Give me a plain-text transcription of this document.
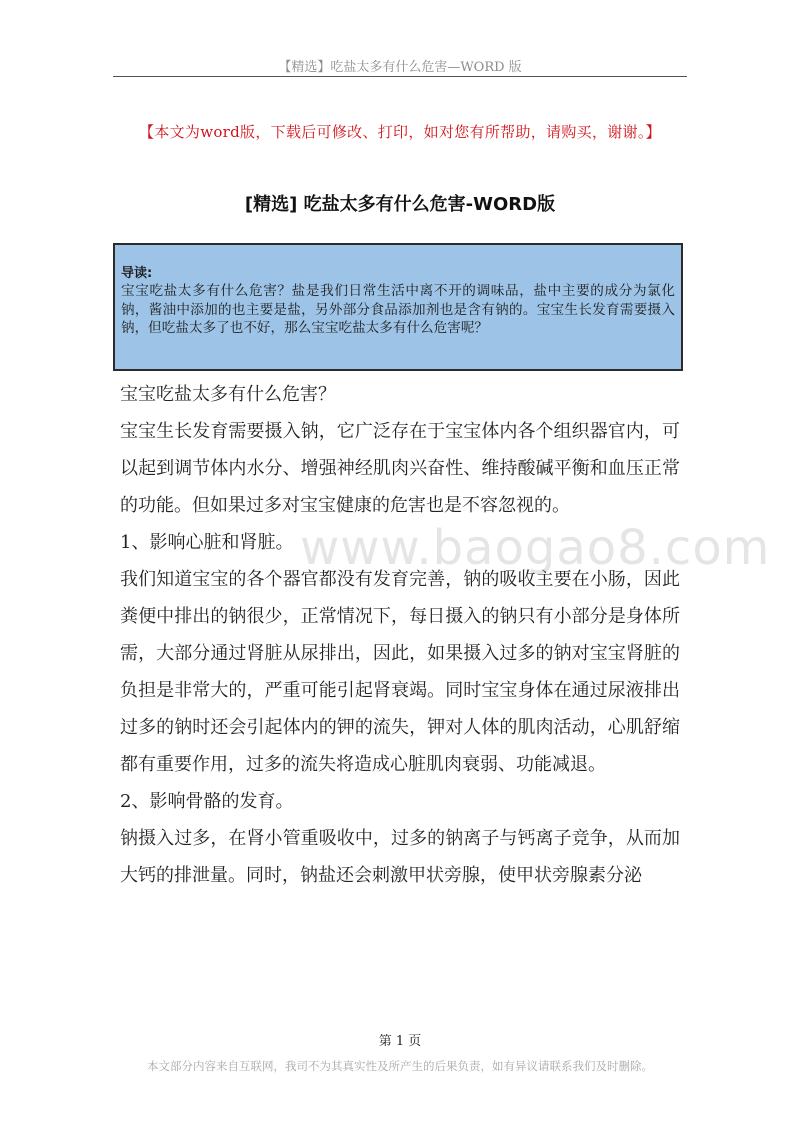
【精选】吃盐太多有什么危害—WORD 版
【本文为word版，下载后可修改、打印，如对您有所帮助，请购买，谢谢。】
[精选] 吃盐太多有什么危害-WORD版
导读:
宝宝吃盐太多有什么危害？盐是我们日常生活中离不开的调味品，盐中主要的成分为氯化钠，酱油中添加的也主要是盐，另外部分食品添加剂也是含有钠的。宝宝生长发育需要摄入钠，但吃盐太多了也不好，那么宝宝吃盐太多有什么危害呢？

宝宝吃盐太多有什么危害？

宝宝生长发育需要摄入钠，它广泛存在于宝宝体内各个组织器官内，可以起到调节体内水分、增强神经肌肉兴奋性、维持酸碱平衡和血压正常的功能。但如果过多对宝宝健康的危害也是不容忽视的。

1、影响心脏和肾脏。

我们知道宝宝的各个器官都没有发育完善，钠的吸收主要在小肠，因此粪便中排出的钠很少，正常情况下，每日摄入的钠只有小部分是身体所需，大部分通过肾脏从尿排出，因此，如果摄入过多的钠对宝宝肾脏的负担是非常大的，严重可能引起肾衰竭。同时宝宝身体在通过尿液排出过多的钠时还会引起体内的钾的流失，钾对人体的肌肉活动，心肌舒缩都有重要作用，过多的流失将造成心脏肌肉衰弱、功能减退。

2、影响骨骼的发育。

钠摄入过多，在肾小管重吸收中，过多的钠离子与钙离子竞争，从而加大钙的排泄量。同时，钠盐还会刺激甲状旁腺，使甲状旁腺素分泌

www.baogao8.com
第 1 页
本文部分内容来自互联网，我司不为其真实性及所产生的后果负责，如有异议请联系我们及时删除。
